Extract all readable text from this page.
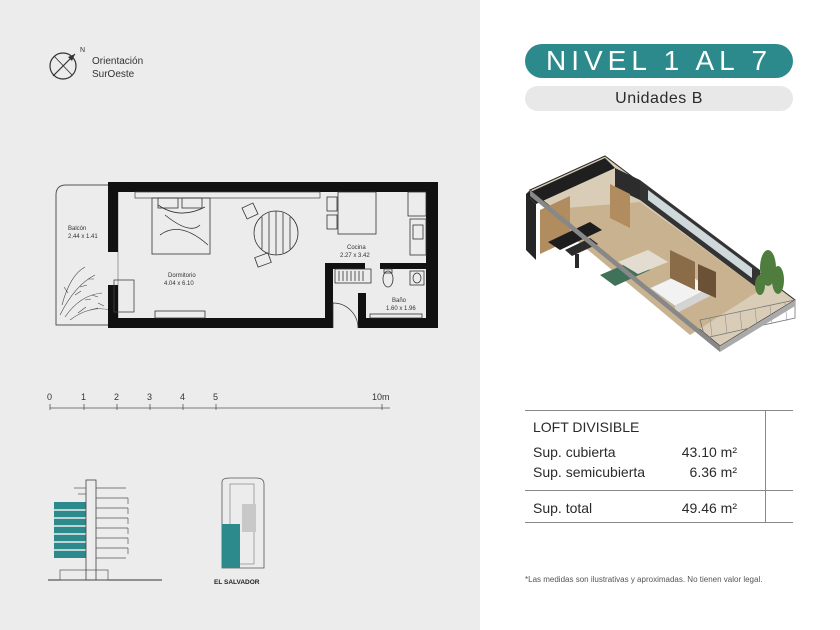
Orientación
SurOeste
N
Balcón
2.44 x 1.41
Dormitorio
4.04 x 6.10
Cocina
2.27 x 3.42
Baño
1.60 x 1.96
0	1	2	3	4	5	10m
EL SALVADOR
NIVEL 1 AL 7
Unidades B
LOFT DIVISIBLE
Sup. cubierta	43.10 m²
Sup. semicubierta	6.36 m²
Sup. total	49.46 m²
*Las medidas son ilustrativas y aproximadas. No tienen valor legal.
